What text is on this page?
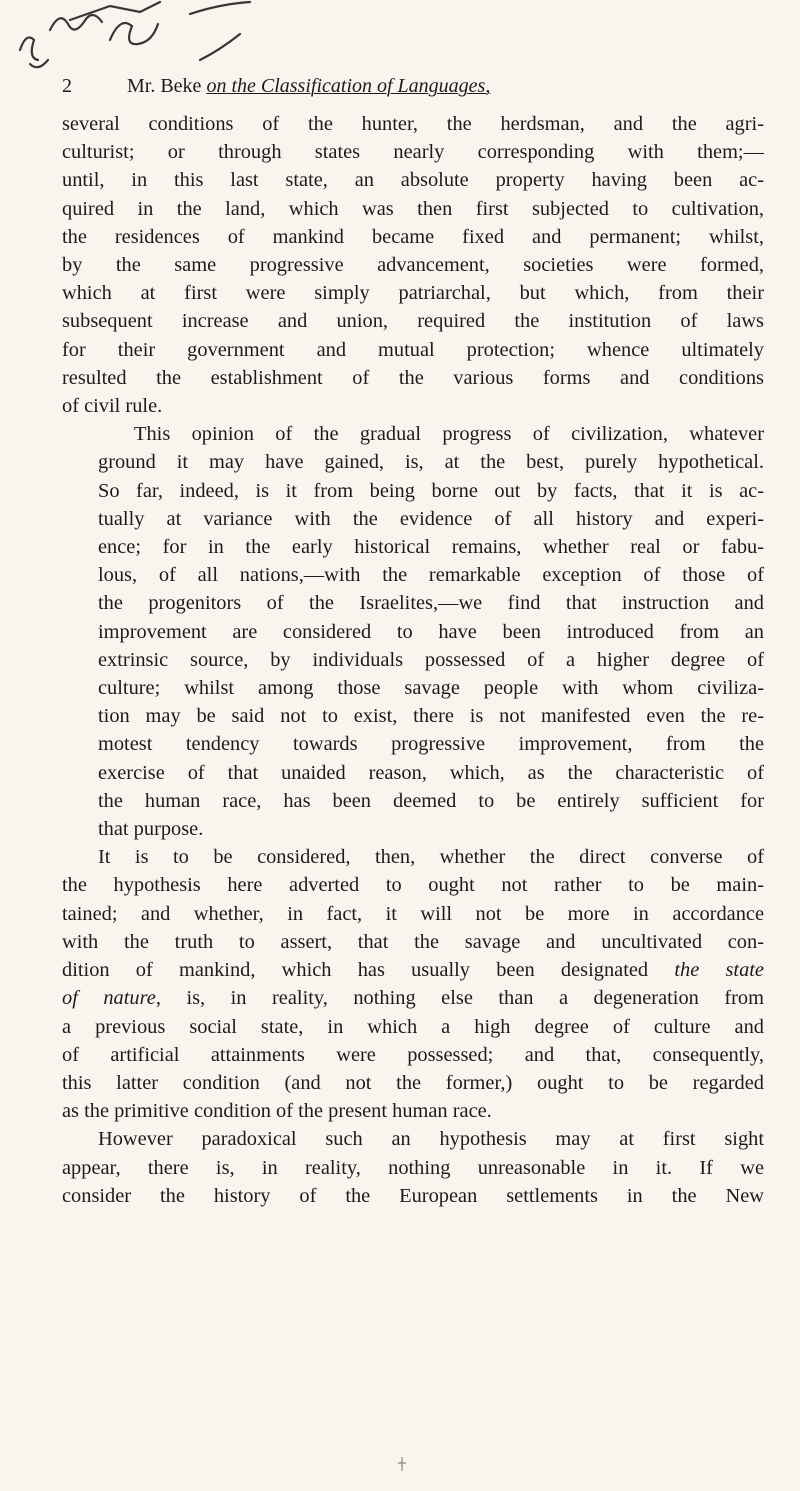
2	Mr. Beke on the Classification of Languages,

several conditions of the hunter, the herdsman, and the agri-
culturist; or through states nearly corresponding with them;—
until, in this last state, an absolute property having been ac-
quired in the land, which was then first subjected to cultivation,
the residences of mankind became fixed and permanent; whilst,
by the same progressive advancement, societies were formed,
which at first were simply patriarchal, but which, from their
subsequent increase and union, required the institution of laws
for their government and mutual protection; whence ultimately
resulted the establishment of the various forms and conditions
of civil rule.

This opinion of the gradual progress of civilization, whatever
ground it may have gained, is, at the best, purely hypothetical.
So far, indeed, is it from being borne out by facts, that it is ac-
tually at variance with the evidence of all history and experi-
ence; for in the early historical remains, whether real or fabu-
lous, of all nations,—with the remarkable exception of those of
the progenitors of the Israelites,—we find that instruction and
improvement are considered to have been introduced from an
extrinsic source, by individuals possessed of a higher degree of
culture; whilst among those savage people with whom civiliza-
tion may be said not to exist, there is not manifested even the re-
motest tendency towards progressive improvement, from the
exercise of that unaided reason, which, as the characteristic of
the human race, has been deemed to be entirely sufficient for
that purpose.

It is to be considered, then, whether the direct converse of
the hypothesis here adverted to ought not rather to be main-
tained; and whether, in fact, it will not be more in accordance
with the truth to assert, that the savage and uncultivated con-
dition of mankind, which has usually been designated the state
of nature, is, in reality, nothing else than a degeneration from
a previous social state, in which a high degree of culture and
of artificial attainments were possessed; and that, consequently,
this latter condition (and not the former,) ought to be regarded
as the primitive condition of the present human race.

However paradoxical such an hypothesis may at first sight
appear, there is, in reality, nothing unreasonable in it. If we
consider the history of the European settlements in the New
